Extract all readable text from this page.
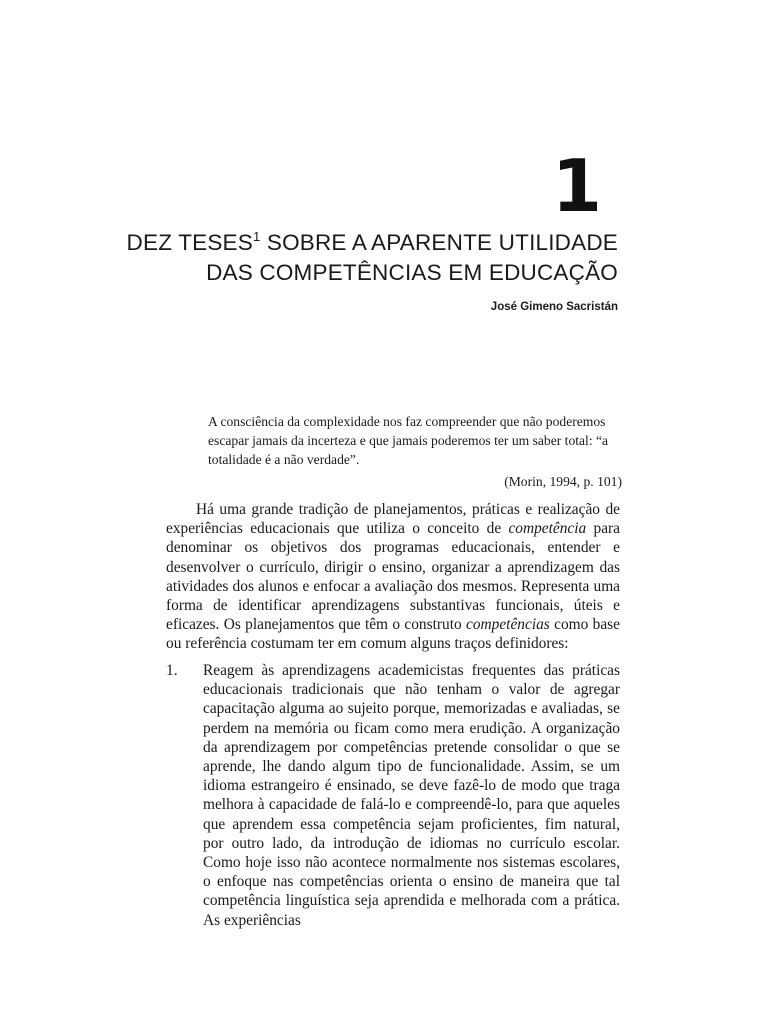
1
DEZ TESES$^1$ SOBRE A APARENTE UTILIDADE
DAS COMPETÊNCIAS EM EDUCAÇÃO
José Gimeno Sacristán
A consciência da complexidade nos faz compreender que não poderemos escapar jamais da incerteza e que jamais poderemos ter um saber total: “a totalidade é a não verdade”.
(Morin, 1994, p. 101)

Há uma grande tradição de planejamentos, práticas e realização de experiências educacionais que utiliza o conceito de competência para denominar os objetivos dos programas educacionais, entender e desenvolver o currículo, dirigir o ensino, organizar a aprendizagem das atividades dos alunos e enfocar a avaliação dos mesmos. Representa uma forma de identificar aprendizagens substantivas funcionais, úteis e eficazes. Os planejamentos que têm o construto competências como base ou referência costumam ter em comum alguns traços definidores:

1. Reagem às aprendizagens academicistas frequentes das práticas educacionais tradicionais que não tenham o valor de agregar capacitação alguma ao sujeito porque, memorizadas e avaliadas, se perdem na memória ou ficam como mera erudição. A organização da aprendizagem por competências pretende consolidar o que se aprende, lhe dando algum tipo de funcionalidade. Assim, se um idioma estrangeiro é ensinado, se deve fazê-lo de modo que traga melhora à capacidade de falá-lo e compreendê-lo, para que aqueles que aprendem essa competência sejam proficientes, fim natural, por outro lado, da introdução de idiomas no currículo escolar. Como hoje isso não acontece normalmente nos sistemas escolares, o enfoque nas competências orienta o ensino de maneira que tal competência linguística seja aprendida e melhorada com a prática. As experiências
